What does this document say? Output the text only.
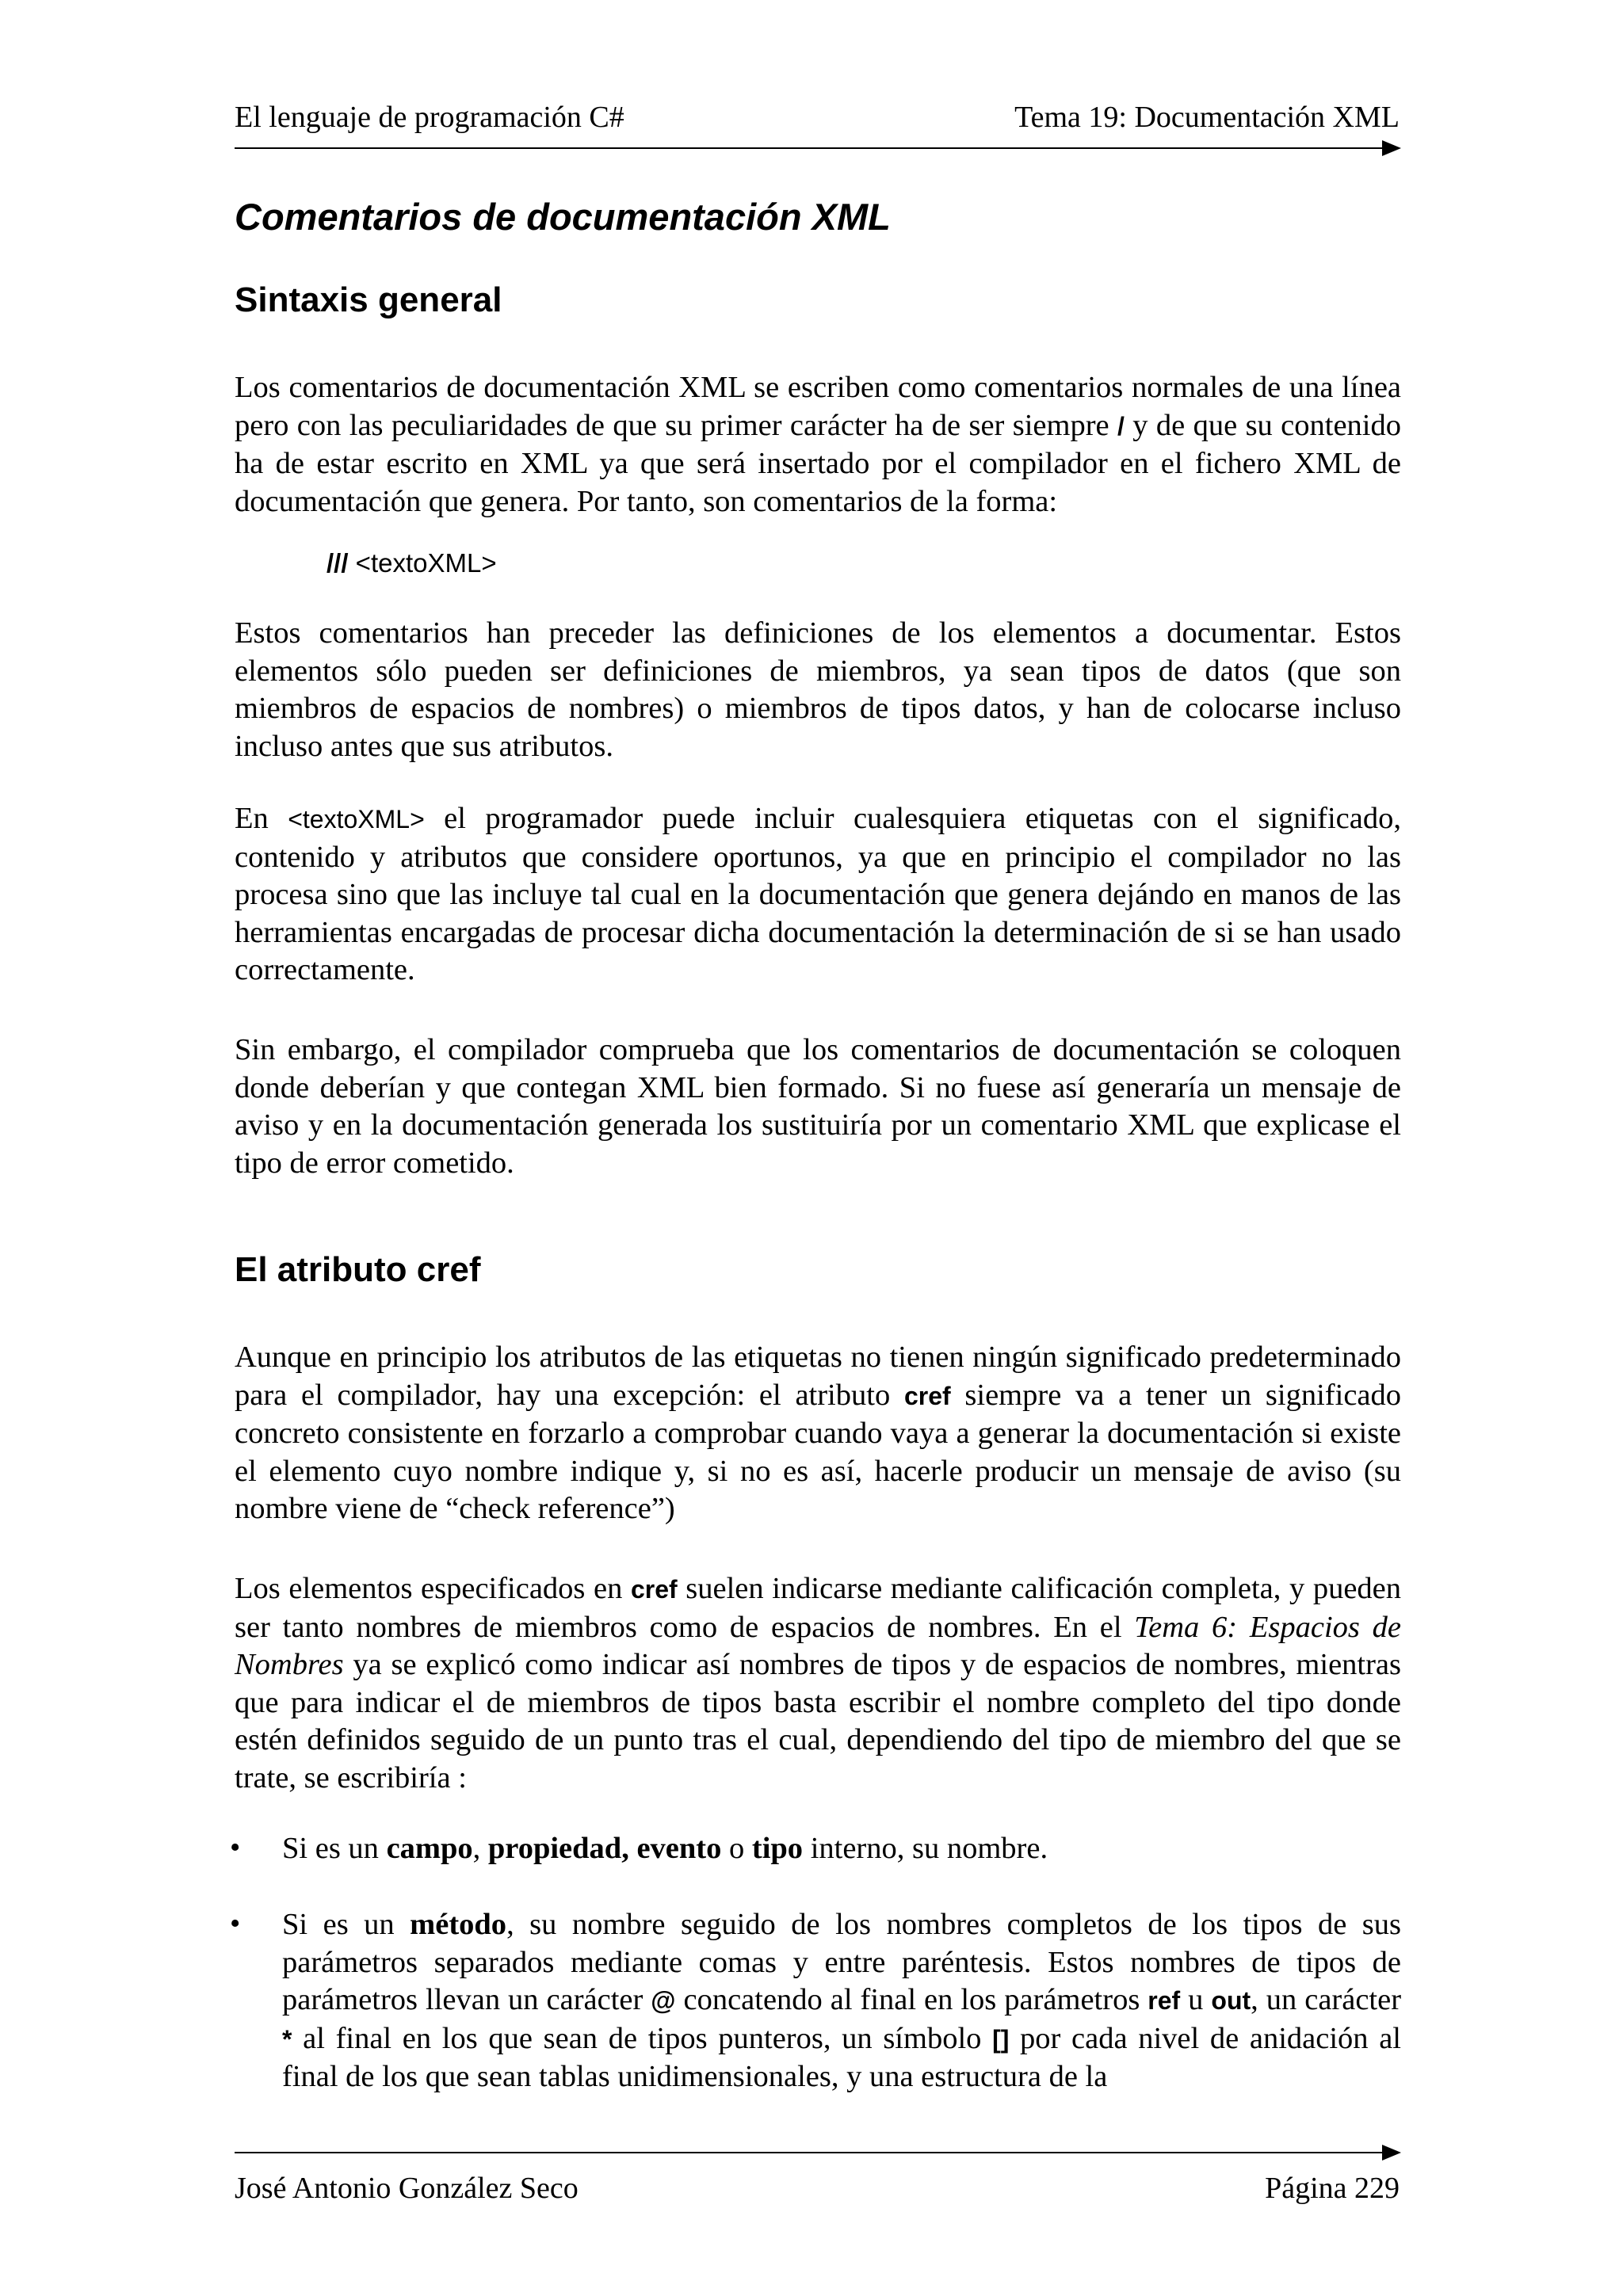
El lenguaje de programación C#	Tema 19: Documentación XML
Comentarios de documentación XML
Sintaxis general
Los comentarios de documentación XML se escriben como comentarios normales de una línea pero con las peculiaridades de que su primer carácter ha de ser siempre / y de que su contenido ha de estar escrito en XML ya que será insertado por el compilador en el fichero XML de documentación que genera. Por tanto, son comentarios de la forma:
/// <textoXML>
Estos comentarios han preceder las definiciones de los elementos a documentar. Estos elementos sólo pueden ser definiciones de miembros, ya sean tipos de datos (que son miembros de espacios de nombres) o miembros de tipos datos, y han de colocarse incluso incluso antes que sus atributos.
En <textoXML> el programador puede incluir cualesquiera etiquetas con el significado, contenido y atributos que considere oportunos, ya que en principio el compilador no las procesa sino que las incluye tal cual en la documentación que genera dejándo en manos de las herramientas encargadas de procesar dicha documentación la determinación de si se han usado correctamente.
Sin embargo, el compilador comprueba que los comentarios de documentación se coloquen donde deberían y que contegan XML bien formado. Si no fuese así generaría un mensaje de aviso y en la documentación generada los sustituiría por un comentario XML que explicase el tipo de error cometido.
El atributo cref
Aunque en principio los atributos de las etiquetas no tienen ningún significado predeterminado para el compilador, hay una excepción: el atributo cref siempre va a tener un significado concreto consistente en forzarlo a comprobar cuando vaya a generar la documentación si existe el elemento cuyo nombre indique y, si no es así, hacerle producir un mensaje de aviso (su nombre viene de “check reference”)
Los elementos especificados en cref suelen indicarse mediante calificación completa, y pueden ser tanto nombres de miembros como de espacios de nombres. En el Tema 6: Espacios de Nombres ya se explicó como indicar así nombres de tipos y de espacios de nombres, mientras que para indicar el de miembros de tipos basta escribir el nombre completo del tipo donde estén definidos seguido de un punto tras el cual, dependiendo del tipo de miembro del que se trate, se escribiría :
• Si es un campo, propiedad, evento o tipo interno, su nombre.
• Si es un método, su nombre seguido de los nombres completos de los tipos de sus parámetros separados mediante comas y entre paréntesis. Estos nombres de tipos de parámetros llevan un carácter @ concatendo al final en los parámetros ref u out, un carácter * al final en los que sean de tipos punteros, un símbolo [] por cada nivel de anidación al final de los que sean tablas unidimensionales, y una estructura de la
José Antonio González Seco	Página 229
